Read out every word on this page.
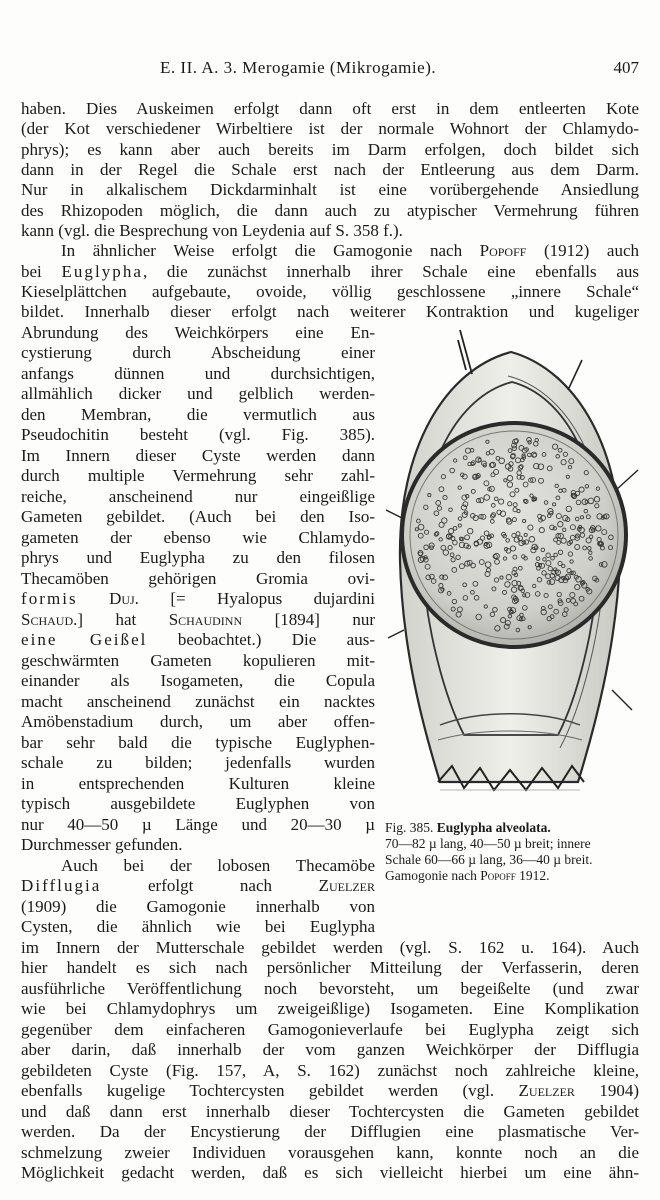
E. II. A. 3. Merogamie (Mikrogamie).	407
haben. Dies Auskeimen erfolgt dann oft erst in dem entleerten Kote
(der Kot verschiedener Wirbeltiere ist der normale Wohnort der Chlamydo-
phrys); es kann aber auch bereits im Darm erfolgen, doch bildet sich
dann in der Regel die Schale erst nach der Entleerung aus dem Darm.
Nur in alkalischem Dickdarminhalt ist eine vorübergehende Ansiedlung
des Rhizopoden möglich, die dann auch zu atypischer Vermehrung führen
kann (vgl. die Besprechung von Leydenia auf S. 358 f.).
In ähnlicher Weise erfolgt die Gamogonie nach Popoff (1912) auch
bei Euglypha, die zunächst innerhalb ihrer Schale eine ebenfalls aus
Kieselplättchen aufgebaute, ovoide, völlig geschlossene „innere Schale“
bildet. Innerhalb dieser erfolgt nach weiterer Kontraktion und kugeliger
Abrundung des Weichkörpers eine En-
cystierung durch Abscheidung einer
anfangs dünnen und durchsichtigen,
allmählich dicker und gelblich werden-
den Membran, die vermutlich aus
Pseudochitin besteht (vgl. Fig. 385).
Im Innern dieser Cyste werden dann
durch multiple Vermehrung sehr zahl-
reiche, anscheinend nur eingeißlige
Gameten gebildet. (Auch bei den Iso-
gameten der ebenso wie Chlamydo-
phrys und Euglypha zu den filosen
Thecamöben gehörigen Gromia ovi-
formis Duj. [= Hyalopus dujardini
Schaud.] hat Schaudinn [1894] nur
eine Geißel beobachtet.) Die aus-
geschwärmten Gameten kopulieren mit-
einander als Isogameten, die Copula
macht anscheinend zunächst ein nacktes
Amöbenstadium durch, um aber offen-
bar sehr bald die typische Euglyphen-
schale zu bilden; jedenfalls wurden
in entsprechenden Kulturen kleine
typisch ausgebildete Euglyphen von
nur 40—50 µ Länge und 20—30 µ
Durchmesser gefunden.
Auch bei der lobosen Thecamöbe
Difflugia erfolgt nach Zuelzer
(1909) die Gamogonie innerhalb von
Cysten, die ähnlich wie bei Euglypha
im Innern der Mutterschale gebildet werden (vgl. S. 162 u. 164). Auch
hier handelt es sich nach persönlicher Mitteilung der Verfasserin, deren
ausführliche Veröffentlichung noch bevorsteht, um begeißelte (und zwar
wie bei Chlamydophrys um zweigeißlige) Isogameten. Eine Komplikation
gegenüber dem einfacheren Gamogonieverlaufe bei Euglypha zeigt sich
aber darin, daß innerhalb der vom ganzen Weichkörper der Difflugia
gebildeten Cyste (Fig. 157, A, S. 162) zunächst noch zahlreiche kleine,
ebenfalls kugelige Tochtercysten gebildet werden (vgl. Zuelzer 1904)
und daß dann erst innerhalb dieser Tochtercysten die Gameten gebildet
werden. Da der Encystierung der Difflugien eine plasmatische Ver-
schmelzung zweier Individuen vorausgehen kann, konnte noch an die
Möglichkeit gedacht werden, daß es sich vielleicht hierbei um eine ähn-
Fig. 385. Euglypha alveolata.
70—82 µ lang, 40—50 µ breit; innere
Schale 60—66 µ lang, 36—40 µ breit.
Gamogonie nach Popoff 1912.
